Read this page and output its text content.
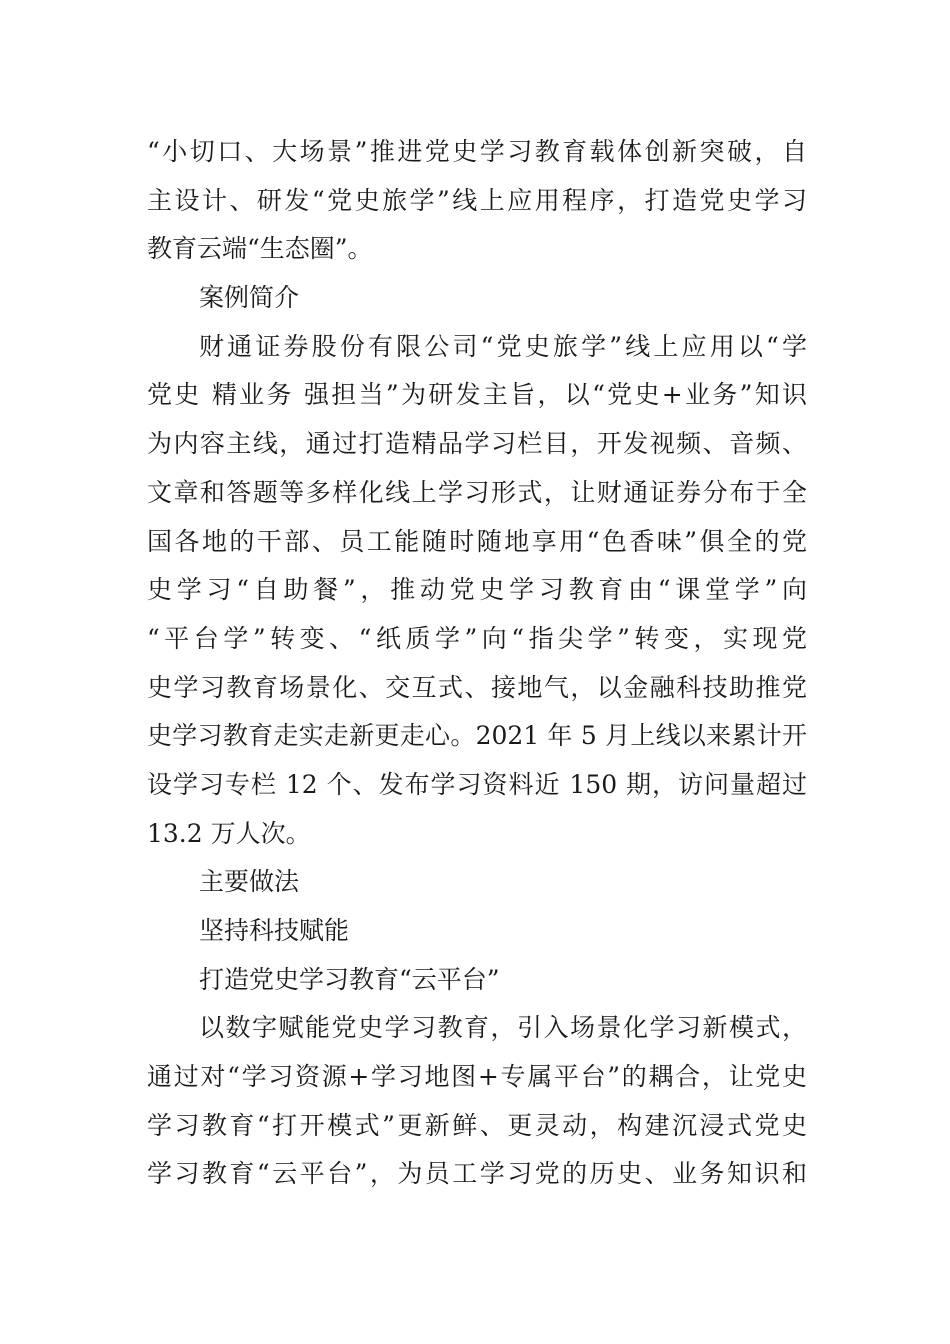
“小切口、大场景”推进党史学习教育载体创新突破，自
主设计、研发“党史旅学”线上应用程序，打造党史学习
教育云端“生态圈”。
案例简介
财通证券股份有限公司“党史旅学”线上应用以“学
党史 精业务 强担当”为研发主旨，以“党史+业务”知识
为内容主线，通过打造精品学习栏目，开发视频、音频、
文章和答题等多样化线上学习形式，让财通证券分布于全
国各地的干部、员工能随时随地享用“色香味”俱全的党
史学习“自助餐”，推动党史学习教育由“课堂学”向
“平台学”转变、“纸质学”向“指尖学”转变，实现党
史学习教育场景化、交互式、接地气，以金融科技助推党
史学习教育走实走新更走心。2021 年 5 月上线以来累计开
设学习专栏 12 个、发布学习资料近 150 期，访问量超过
13.2 万人次。
主要做法
坚持科技赋能
打造党史学习教育“云平台”
以数字赋能党史学习教育，引入场景化学习新模式，
通过对“学习资源+学习地图+专属平台”的耦合，让党史
学习教育“打开模式”更新鲜、更灵动，构建沉浸式党史
学习教育“云平台”，为员工学习党的历史、业务知识和
